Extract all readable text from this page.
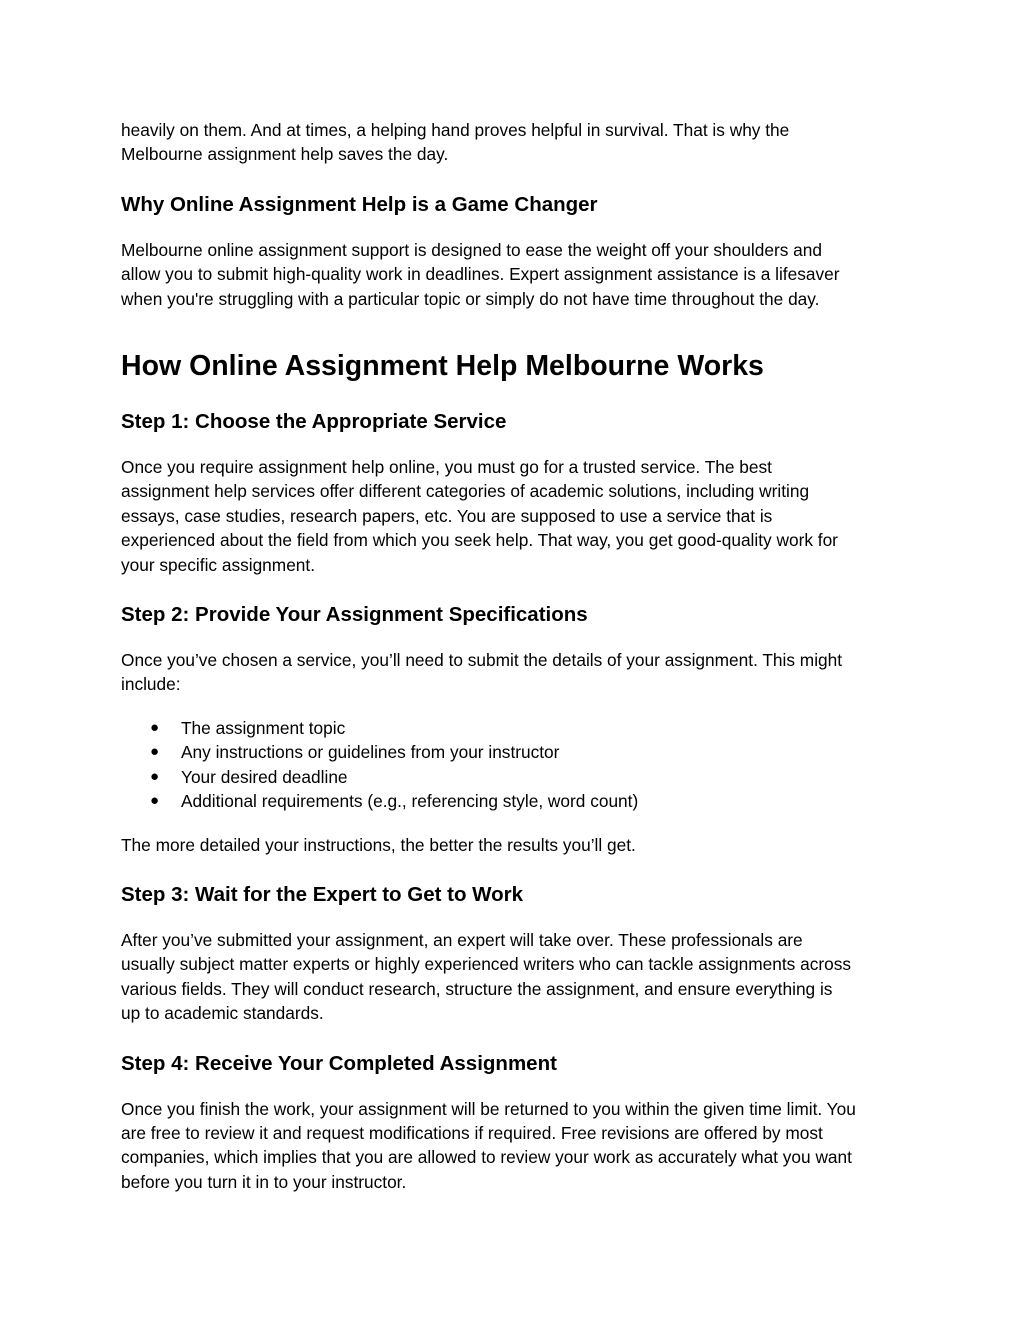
heavily on them. And at times, a helping hand proves helpful in survival. That is why the
Melbourne assignment help saves the day.

Why Online Assignment Help is a Game Changer

Melbourne online assignment support is designed to ease the weight off your shoulders and
allow you to submit high-quality work in deadlines. Expert assignment assistance is a lifesaver
when you're struggling with a particular topic or simply do not have time throughout the day.

How Online Assignment Help Melbourne Works
Step 1: Choose the Appropriate Service

Once you require assignment help online, you must go for a trusted service. The best
assignment help services offer different categories of academic solutions, including writing
essays, case studies, research papers, etc. You are supposed to use a service that is
experienced about the field from which you seek help. That way, you get good-quality work for
your specific assignment.

Step 2: Provide Your Assignment Specifications

Once you’ve chosen a service, you’ll need to submit the details of your assignment. This might
include:

● The assignment topic
● Any instructions or guidelines from your instructor
● Your desired deadline
● Additional requirements (e.g., referencing style, word count)

The more detailed your instructions, the better the results you’ll get.

Step 3: Wait for the Expert to Get to Work

After you’ve submitted your assignment, an expert will take over. These professionals are
usually subject matter experts or highly experienced writers who can tackle assignments across
various fields. They will conduct research, structure the assignment, and ensure everything is
up to academic standards.

Step 4: Receive Your Completed Assignment

Once you finish the work, your assignment will be returned to you within the given time limit. You
are free to review it and request modifications if required. Free revisions are offered by most
companies, which implies that you are allowed to review your work as accurately what you want
before you turn it in to your instructor.
